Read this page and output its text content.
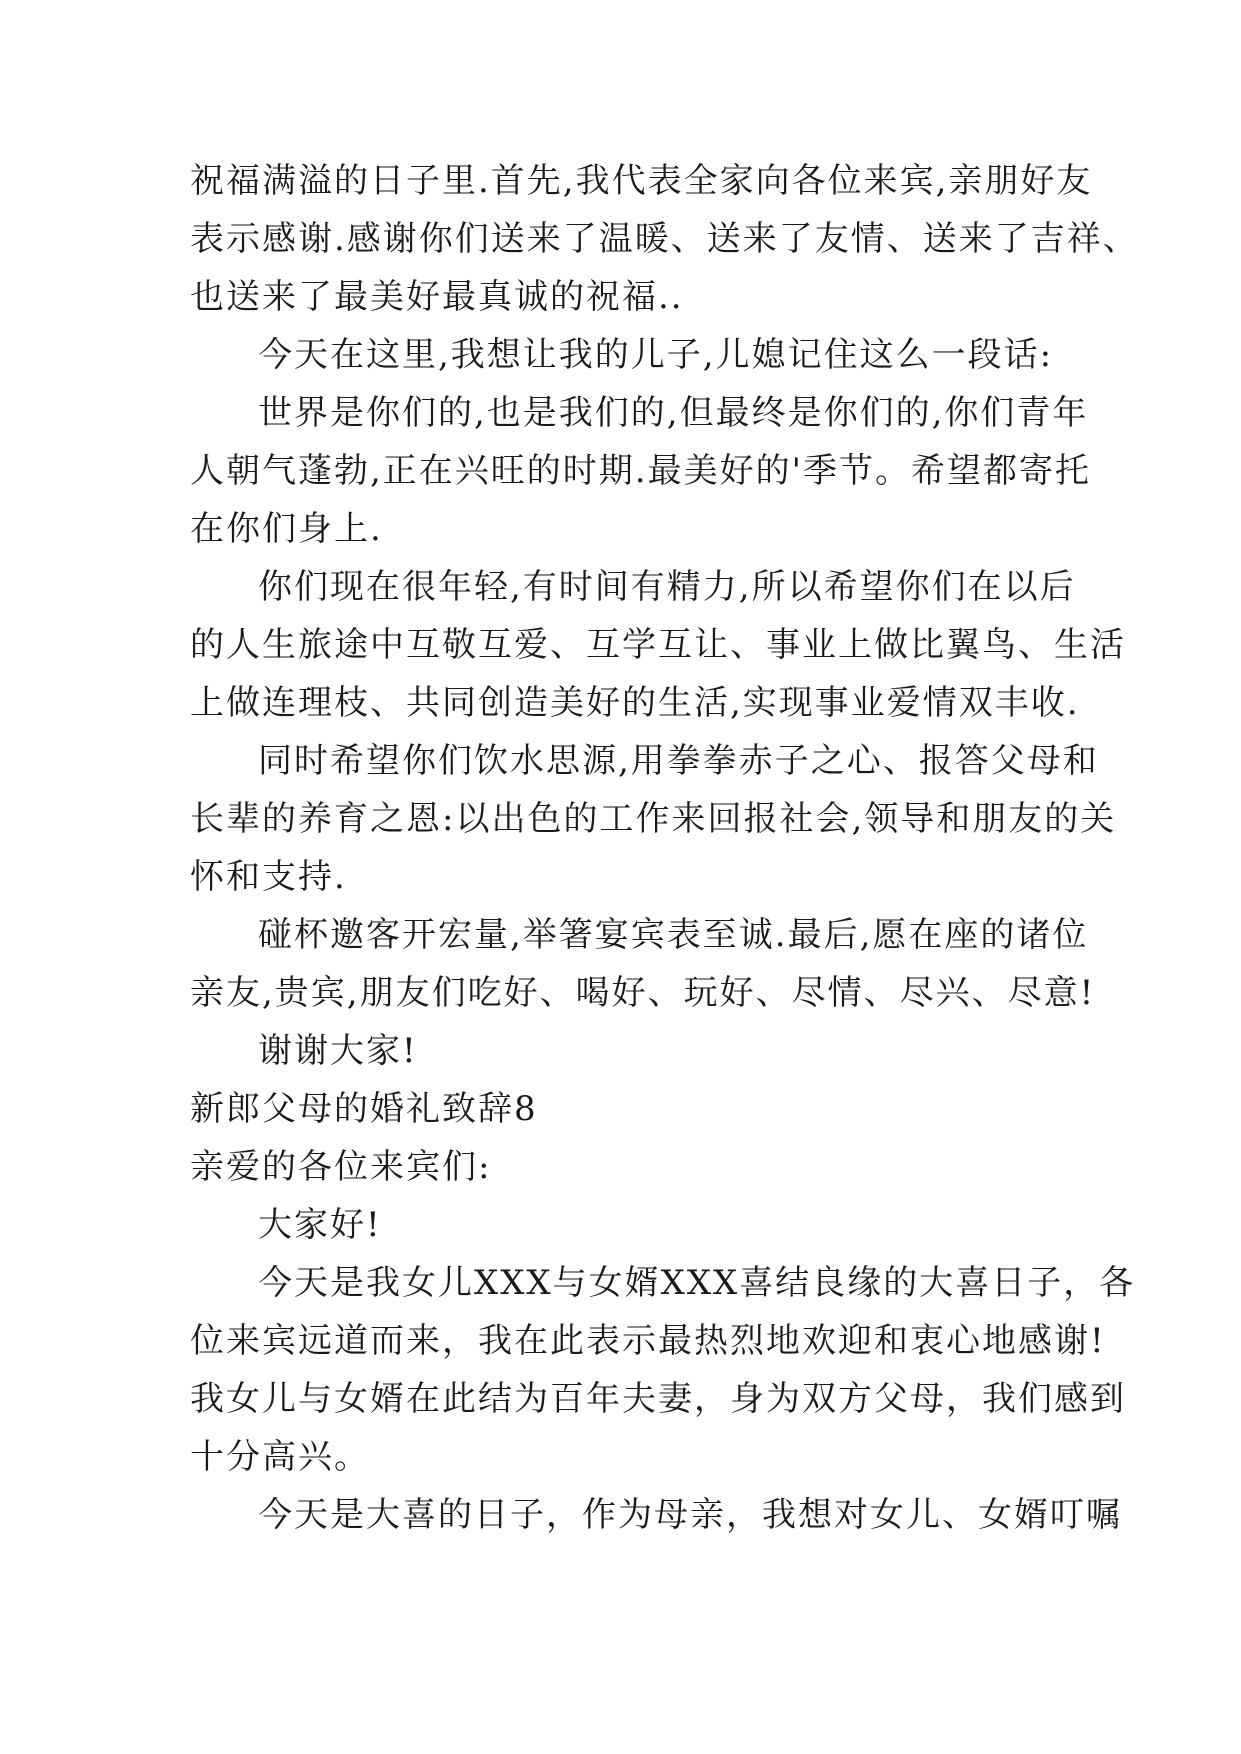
祝福满溢的日子里.首先,我代表全家向各位来宾,亲朋好友
表示感谢.感谢你们送来了温暖、送来了友情、送来了吉祥、
也送来了最美好最真诚的祝福..
今天在这里,我想让我的儿子,儿媳记住这么一段话:
世界是你们的,也是我们的,但最终是你们的,你们青年
人朝气蓬勃,正在兴旺的时期.最美好的'季节。希望都寄托
在你们身上.
你们现在很年轻,有时间有精力,所以希望你们在以后
的人生旅途中互敬互爱、互学互让、事业上做比翼鸟、生活
上做连理枝、共同创造美好的生活,实现事业爱情双丰收.
同时希望你们饮水思源,用拳拳赤子之心、报答父母和
长辈的养育之恩:以出色的工作来回报社会,领导和朋友的关
怀和支持.
碰杯邀客开宏量,举箸宴宾表至诚.最后,愿在座的诸位
亲友,贵宾,朋友们吃好、喝好、玩好、尽情、尽兴、尽意!
谢谢大家!
新郎父母的婚礼致辞8
亲爱的各位来宾们:
大家好!
今天是我女儿XXX与女婿XXX喜结良缘的大喜日子，各
位来宾远道而来，我在此表示最热烈地欢迎和衷心地感谢!
我女儿与女婿在此结为百年夫妻，身为双方父母，我们感到
十分高兴。
今天是大喜的日子，作为母亲，我想对女儿、女婿叮嘱
